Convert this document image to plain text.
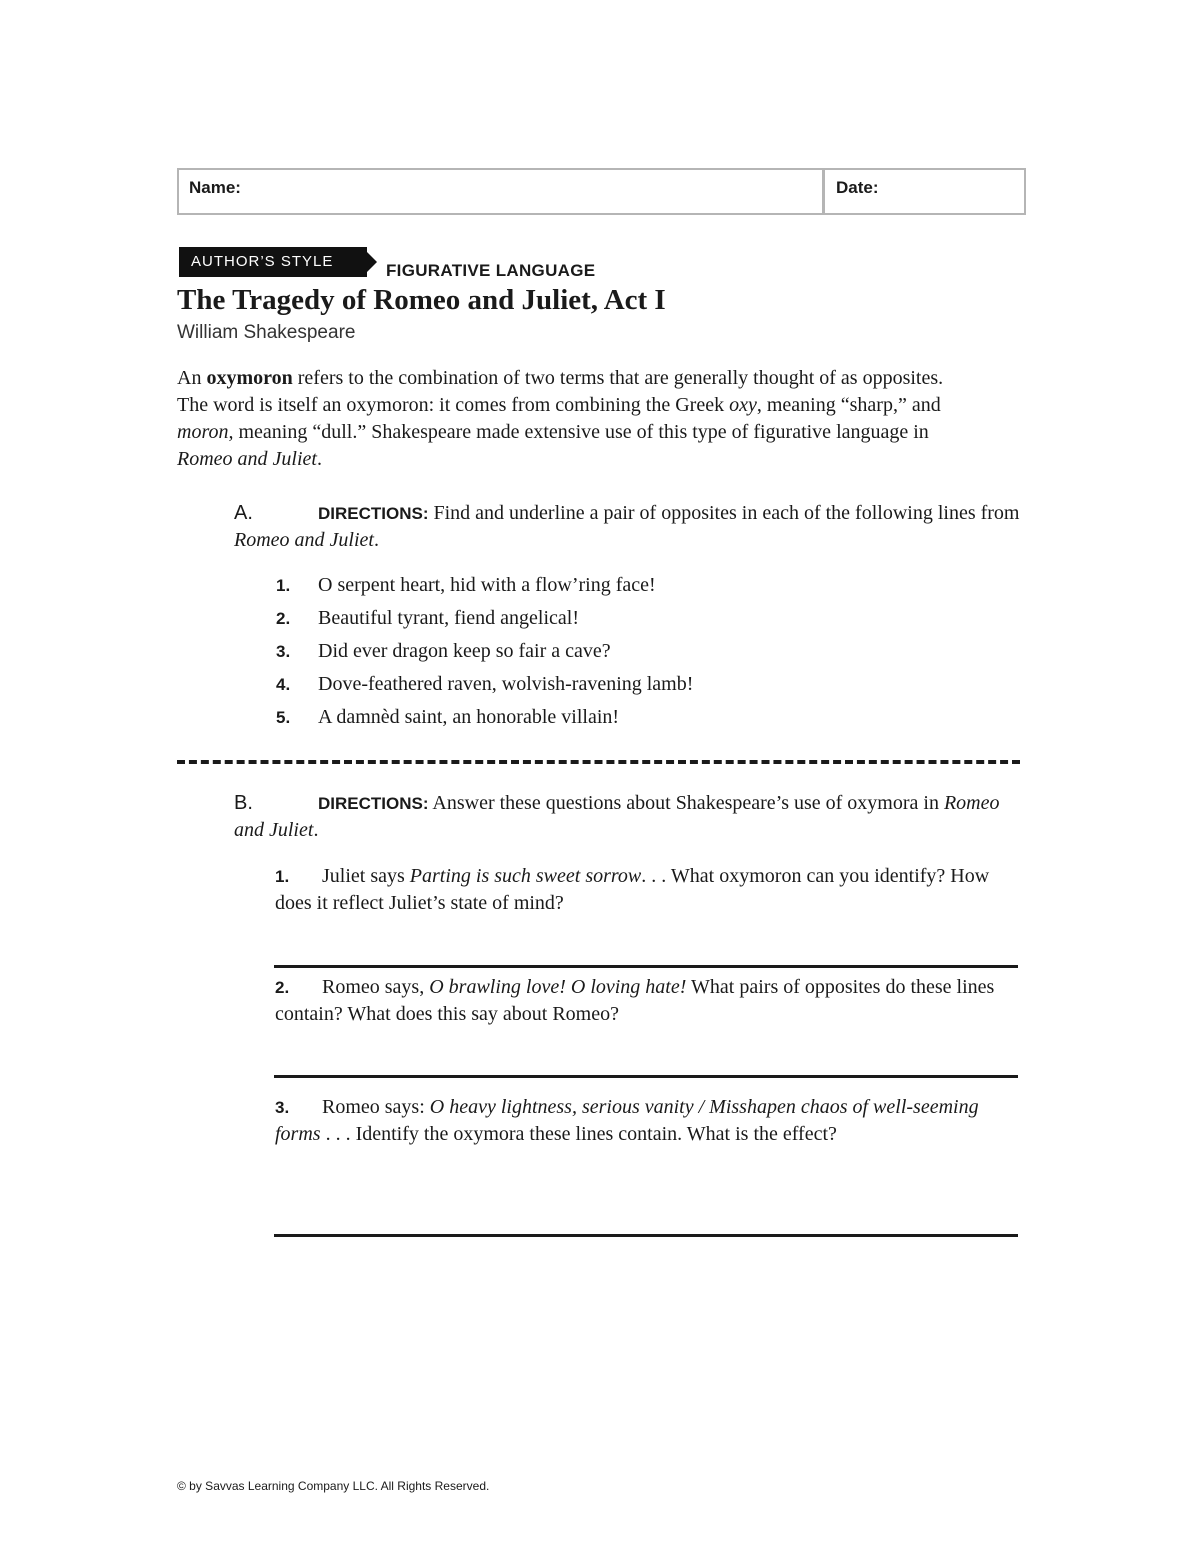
Name:	Date:
AUTHOR’S STYLE	FIGURATIVE LANGUAGE
The Tragedy of Romeo and Juliet, Act I
William Shakespeare
An oxymoron refers to the combination of two terms that are generally thought of as opposites. The word is itself an oxymoron: it comes from combining the Greek oxy, meaning “sharp,” and moron, meaning “dull.” Shakespeare made extensive use of this type of figurative language in Romeo and Juliet.
A.	DIRECTIONS: Find and underline a pair of opposites in each of the following lines from Romeo and Juliet.
1. O serpent heart, hid with a flow’ring face!
2. Beautiful tyrant, fiend angelical!
3. Did ever dragon keep so fair a cave?
4. Dove-feathered raven, wolvish-ravening lamb!
5. A damnèd saint, an honorable villain!
B.	DIRECTIONS: Answer these questions about Shakespeare’s use of oxymora in Romeo and Juliet.
1. Juliet says Parting is such sweet sorrow. . . What oxymoron can you identify? How does it reflect Juliet’s state of mind?
2. Romeo says, O brawling love! O loving hate! What pairs of opposites do these lines contain? What does this say about Romeo?
3. Romeo says: O heavy lightness, serious vanity / Misshapen chaos of well-seeming forms . . . Identify the oxymora these lines contain. What is the effect?
© by Savvas Learning Company LLC. All Rights Reserved.
